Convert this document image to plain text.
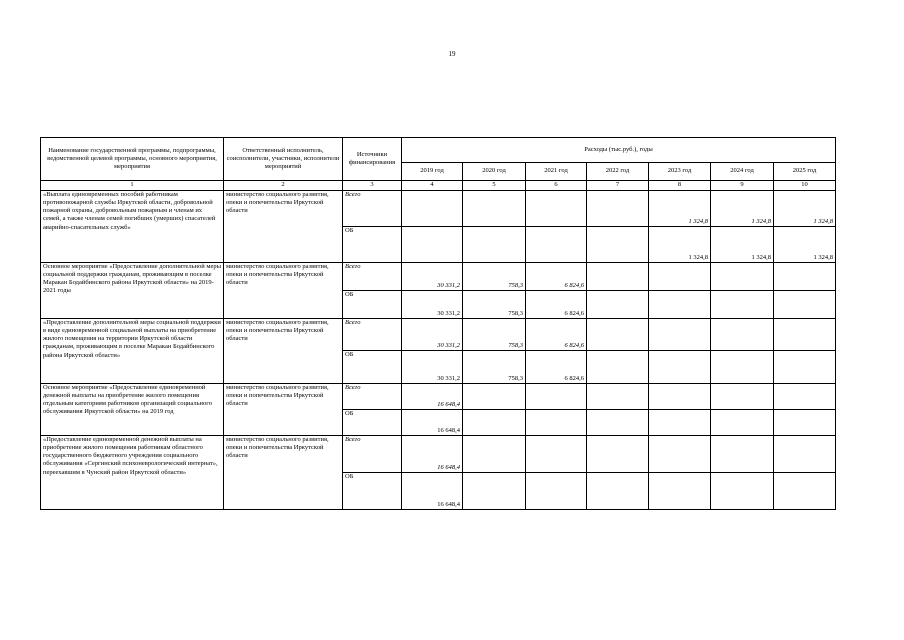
19
Наименование государственной программы, подпрограммы, ведомственной целевой программы, основного мероприятия, мероприятия	Ответственный исполнитель, соисполнители, участники, исполнители мероприятий	Источники финансирования	Расходы (тыс.руб.), годы						
			2019 год	2020 год	2021 год	2022 год	2023 год	2024 год	2025 год
1	2	3	4	5	6	7	8	9	10
«Выплата единовременных пособий работникам противопожарной службы Иркутской области, добровольной пожарной охраны, добровольным пожарным и членам их семей, а также членам семей погибших (умерших) спасателей аварийно-спасательных служб»	министерство социального развития, опеки и попечительства Иркутской области	Всего					1 324,8	1 324,8	1 324,8
		ОБ					1 324,8	1 324,8	1 324,8
Основное мероприятие «Предоставление дополнительной меры социальной поддержки гражданам, проживающим в поселке Маракан Бодайбинского района Иркутской области» на 2019-2021 годы	министерство социального развития, опеки и попечительства Иркутской области	Всего	30 331,2	758,3	6 824,6				
		ОБ	30 331,2	758,3	6 824,6				
«Предоставление дополнительной меры социальной поддержки в виде единовременной социальной выплаты на приобретение жилого помещения на территории Иркутской области гражданам, проживающим в поселке Маракан Бодайбинского района Иркутской области»	министерство социального развития, опеки и попечительства Иркутской области	Всего	30 331,2	758,3	6 824,6				
		ОБ	30 331,2	758,3	6 824,6				
Основное мероприятие «Предоставление единовременной денежной выплаты на приобретение жилого помещения отдельным категориям работников организаций социального обслуживания Иркутской области» на 2019 год	министерство социального развития, опеки и попечительства Иркутской области	Всего	16 648,4						
		ОБ	16 648,4						
«Предоставление единовременной денежной выплаты на приобретение жилого помещения работникам областного государственного бюджетного учреждения социального обслуживания «Сергинский психоневрологический интернат», переехавшим в Чунский район Иркутской области»	министерство социального развития, опеки и попечительства Иркутской области	Всего	16 648,4						
		ОБ	16 648,4						
